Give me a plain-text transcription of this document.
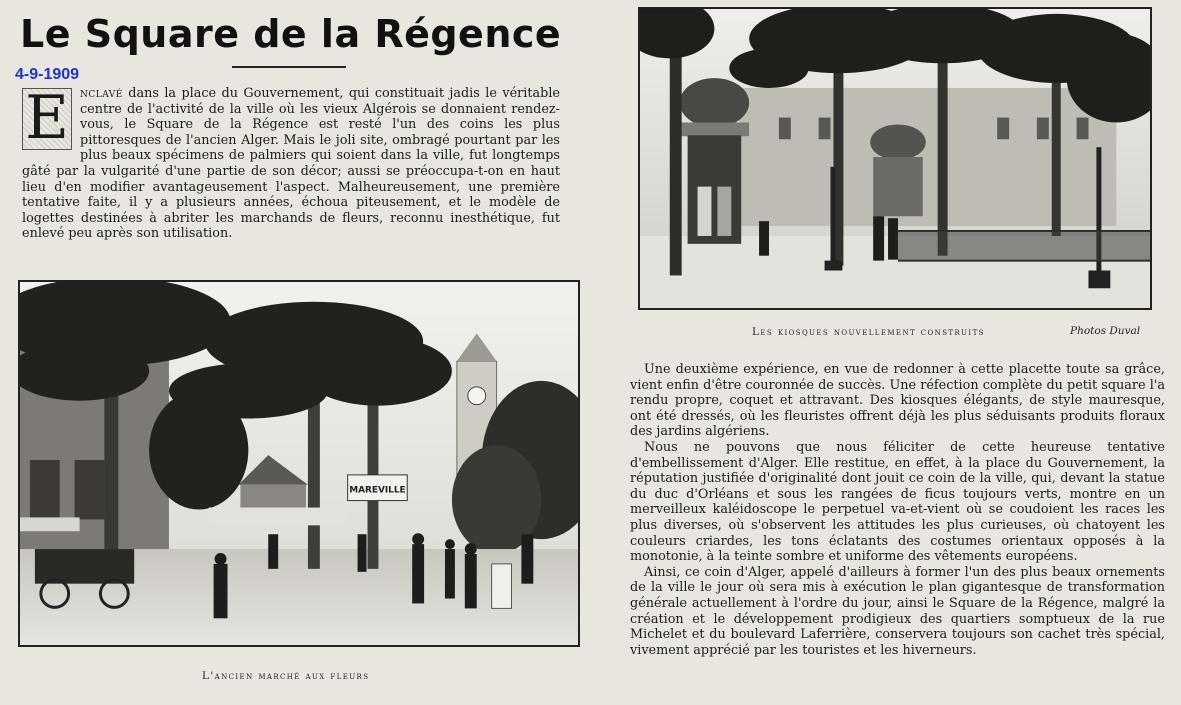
Le Square de la Régence
4-9-1909
E nclavé dans la place du Gouvernement, qui constituait jadis le véritable centre de l'activité de la ville où les vieux Algérois se donnaient rendez-vous, le Square de la Régence est resté l'un des coins les plus pittoresques de l'ancien Alger. Mais le joli site, ombragé pourtant par les plus beaux spécimens de palmiers qui soient dans la ville, fut longtemps gâté par la vulgarité d'une partie de son décor; aussi se préoccupa-t-on en haut lieu d'en modifier avantageusement l'aspect. Malheureusement, une première tentative faite, il y a plusieurs années, échoua piteusement, et le modèle de logettes destinées à abriter les marchands de fleurs, reconnu inesthétique, fut enlevé peu après son utilisation.
MAREVILLE
L'ancien marché aux fleurs
Les kiosques nouvellement construits	Photos Duval

Une deuxième expérience, en vue de redonner à cette placette toute sa grâce, vient enfin d'être couronnée de succès. Une réfection complète du petit square l'a rendu propre, coquet et attravant. Des kiosques élégants, de style mauresque, ont été dressés, où les fleuristes offrent déjà les plus séduisants produits floraux des jardins algériens.

Nous ne pouvons que nous féliciter de cette heureuse tentative d'embellissement d'Alger. Elle restitue, en effet, à la place du Gouvernement, la réputation justifiée d'originalité dont jouit ce coin de la ville, qui, devant la statue du duc d'Orléans et sous les rangées de ficus toujours verts, montre en un merveilleux kaléidoscope le perpetuel va-et-vient où se coudoient les races les plus diverses, où s'observent les attitudes les plus curieuses, où chatoyent les couleurs criardes, les tons éclatants des costumes orientaux opposés à la monotonie, à la teinte sombre et uniforme des vêtements européens.

Ainsi, ce coin d'Alger, appelé d'ailleurs à former l'un des plus beaux ornements de la ville le jour où sera mis à exécution le plan gigantesque de transformation générale actuellement à l'ordre du jour, ainsi le Square de la Régence, malgré la création et le développement prodigieux des quartiers somptueux de la rue Michelet et du boulevard Laferrière, conservera toujours son cachet très spécial, vivement apprécié par les touristes et les hiverneurs.
